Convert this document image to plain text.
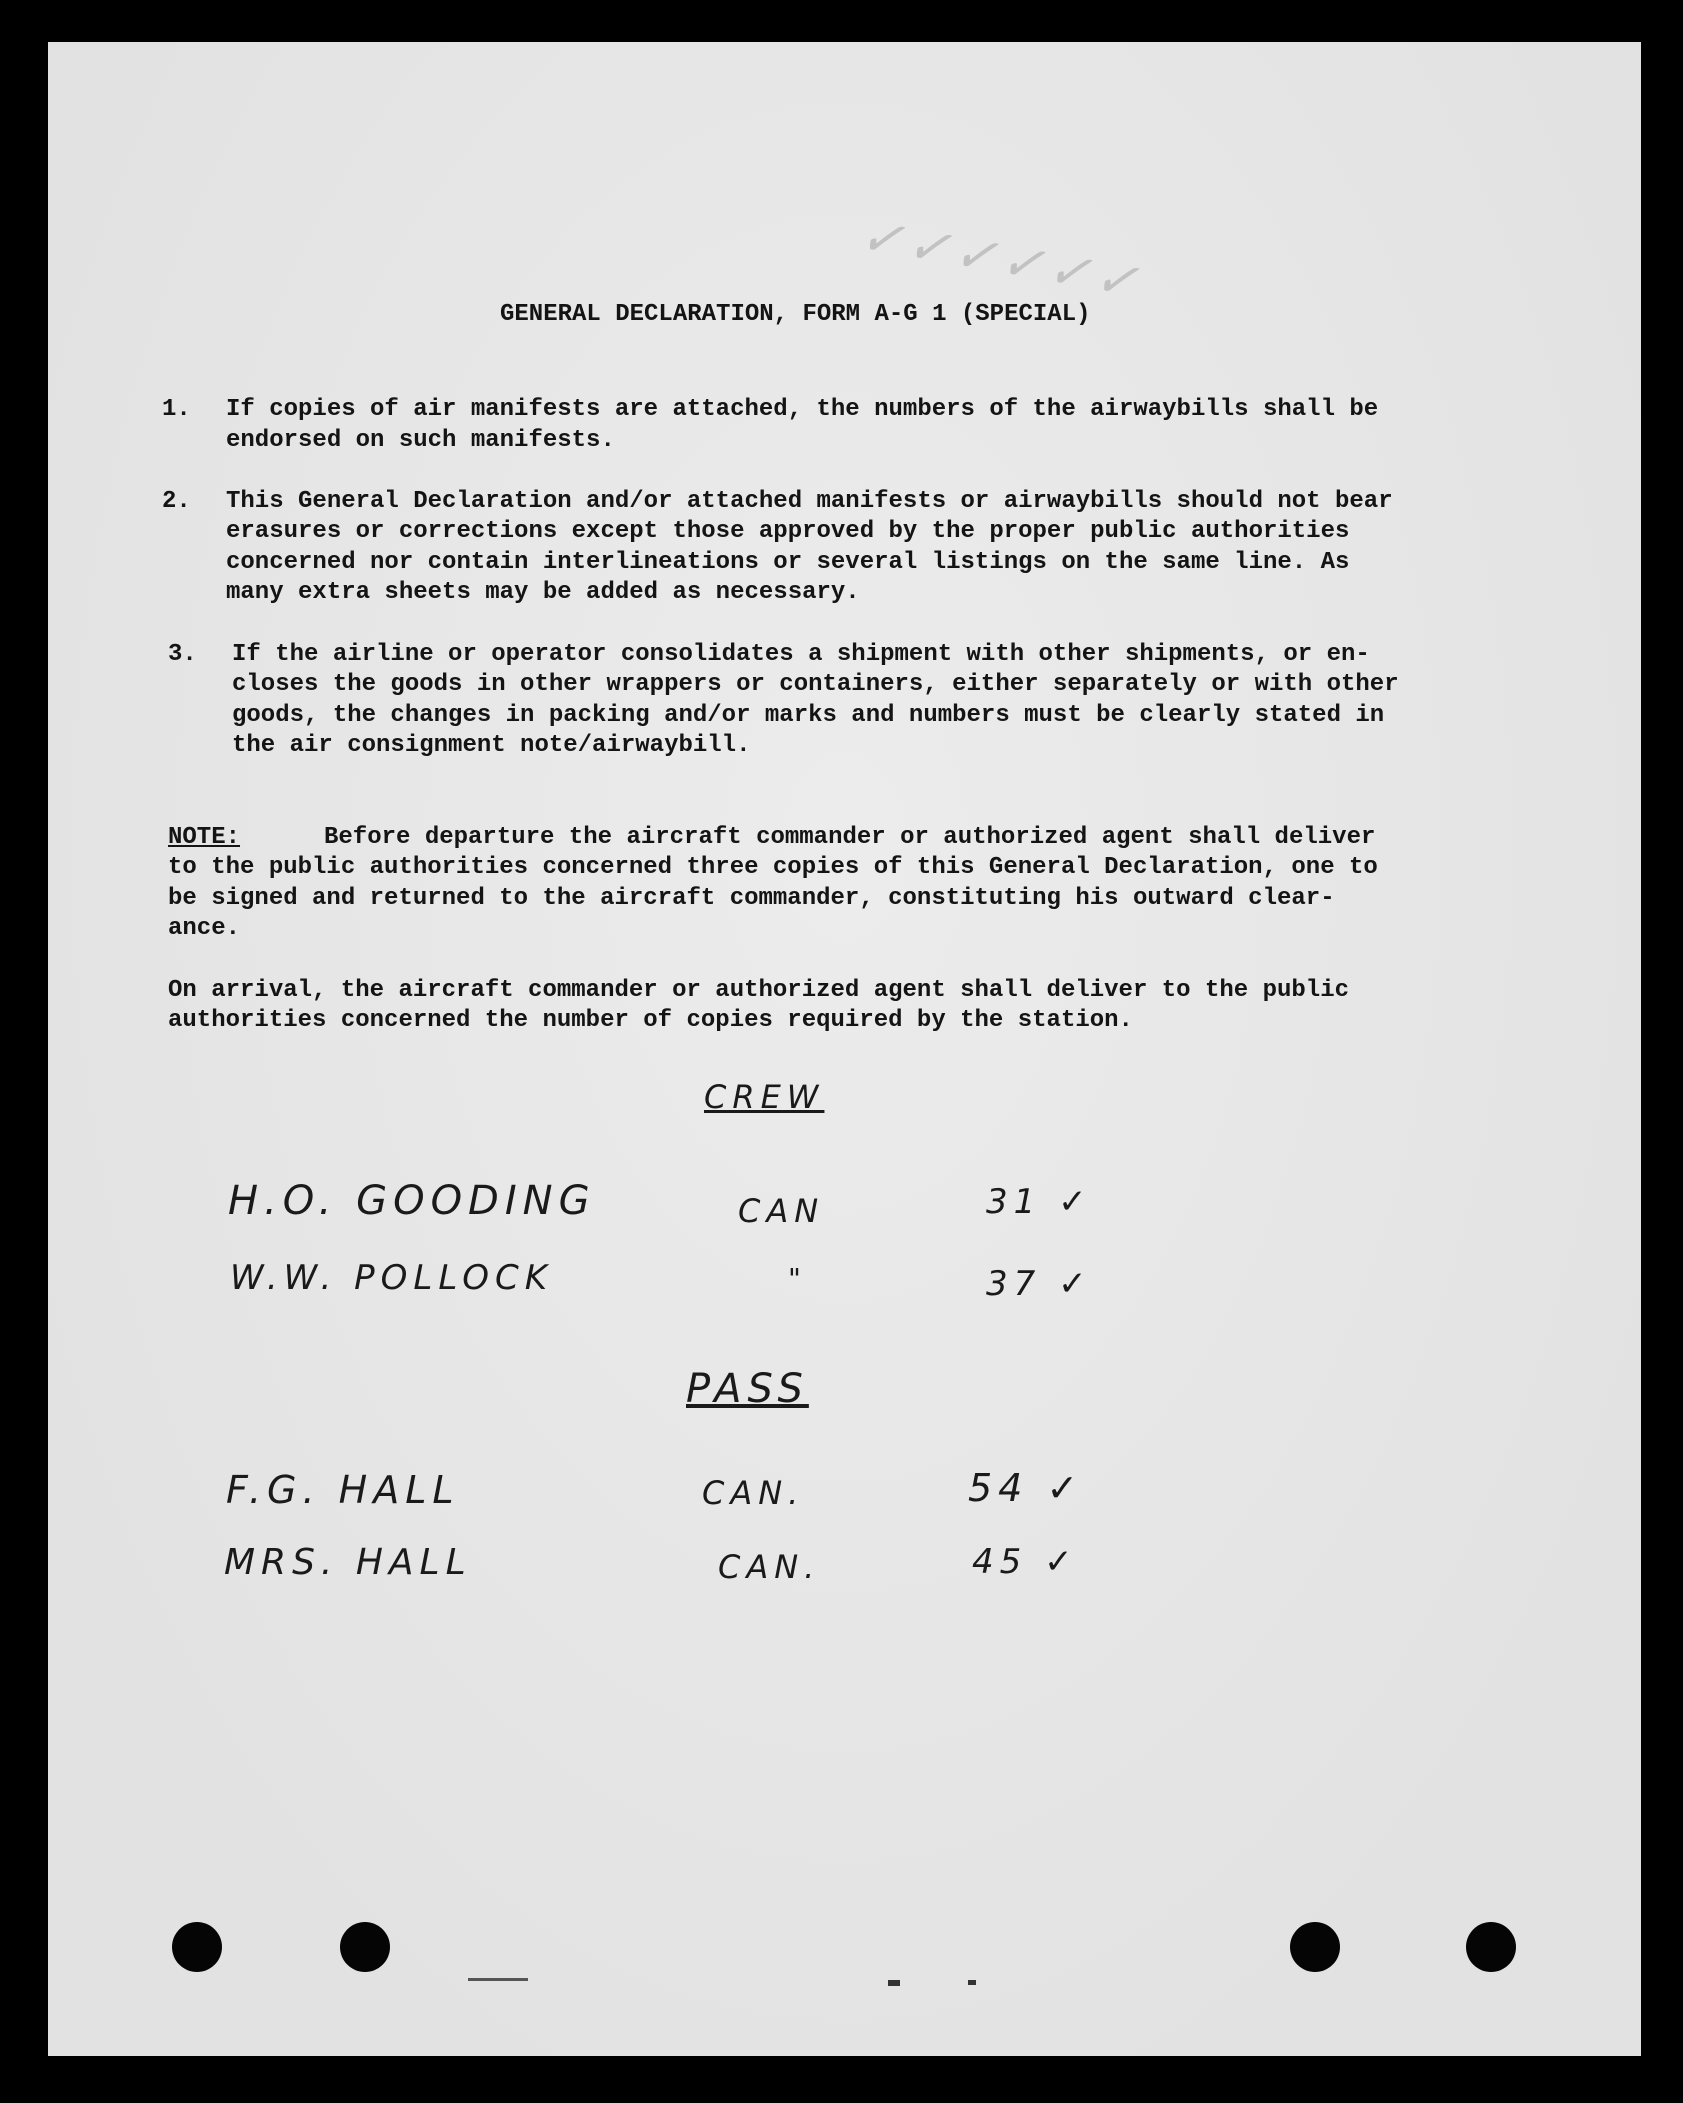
✓✓✓✓✓✓
GENERAL DECLARATION, FORM A-G 1 (SPECIAL)
1. If copies of air manifests are attached, the numbers of the airwaybills shall be
endorsed on such manifests.
2. This General Declaration and/or attached manifests or airwaybills should not bear
erasures or corrections except those approved by the proper public authorities
concerned nor contain interlineations or several listings on the same line. As
many extra sheets may be added as necessary.
3. If the airline or operator consolidates a shipment with other shipments, or en-
closes the goods in other wrappers or containers, either separately or with other
goods, the changes in packing and/or marks and numbers must be clearly stated in
the air consignment note/airwaybill.
NOTE:	Before departure the aircraft commander or authorized agent shall deliver
to the public authorities concerned three copies of this General Declaration, one to
be signed and returned to the aircraft commander, constituting his outward clear-
ance.
On arrival, the aircraft commander or authorized agent shall deliver to the public
authorities concerned the number of copies required by the station.
CREW
H.O. GOODING	CAN	31 ✓
W.W. POLLOCK	"	37 ✓
PASS
F.G. HALL	CAN.	54 ✓
MRS. HALL	CAN.	45 ✓
